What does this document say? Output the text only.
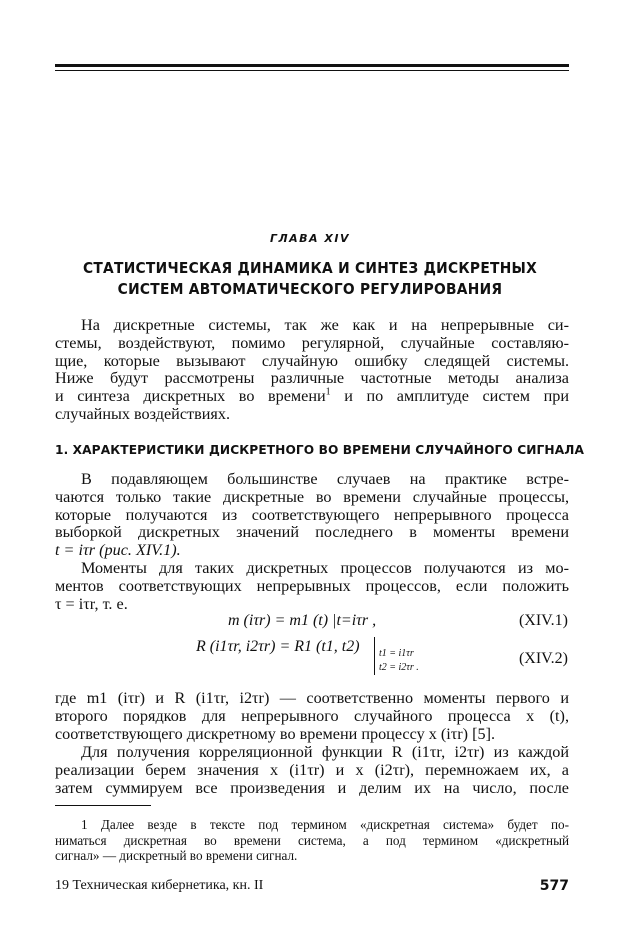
ГЛАВА XIV
СТАТИСТИЧЕСКАЯ ДИНАМИКА И СИНТЕЗ ДИСКРЕТНЫХ
СИСТЕМ АВТОМАТИЧЕСКОГО РЕГУЛИРОВАНИЯ
На дискретные системы, так же как и на непрерывные си-
стемы, воздействуют, помимо регулярной, случайные составляю-
щие, которые вызывают случайную ошибку следящей системы.
Ниже будут рассмотрены различные частотные методы анализа
и синтеза дискретных во времени$^1$ и по амплитуде систем при
случайных воздействиях.
1. ХАРАКТЕРИСТИКИ ДИСКРЕТНОГО ВО ВРЕМЕНИ СЛУЧАЙНОГО СИГНАЛА
В подавляющем большинстве случаев на практике встре-
чаются только такие дискретные во времени случайные процессы,
которые получаются из соответствующего непрерывного процесса
выборкой дискретных значений последнего в моменты времени
t = iτr (рис. XIV.1).
Моменты для таких дискретных процессов получаются из мо-
ментов соответствующих непрерывных процессов, если положить
τ = iτr, т. е.
m (iτr) = m1 (t) |t=iτr ,	(XIV.1)
R (i1τr, i2τr) = R1 (t1, t2) t1 = i1τr
t2 = i2τr .
(XIV.2)
где m1 (iτr) и R (i1τr, i2τr) — соответственно моменты первого и
второго порядков для непрерывного случайного процесса x (t),
соответствующего дискретному во времени процессу x (iτr) [5].
Для получения корреляционной функции R (i1τr, i2τr) из каждой
реализации берем значения x (i1τr) и x (i2τr), перемножаем их, а
затем суммируем все произведения и делим их на число, после
1 Далее везде в тексте под термином «дискретная система» будет по-
ниматься дискретная во времени система, а под термином «дискретный
сигнал» — дискретный во времени сигнал.
19 Техническая кибернетика, кн. II	577
